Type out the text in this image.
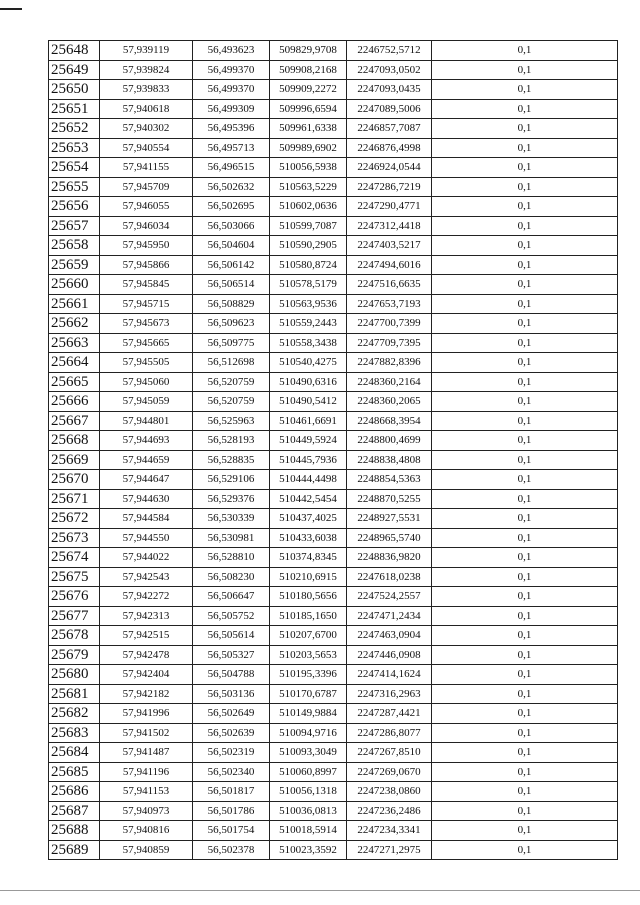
25648	57,939119	56,493623	509829,9708	2246752,5712	0,1
25649	57,939824	56,499370	509908,2168	2247093,0502	0,1
25650	57,939833	56,499370	509909,2272	2247093,0435	0,1
25651	57,940618	56,499309	509996,6594	2247089,5006	0,1
25652	57,940302	56,495396	509961,6338	2246857,7087	0,1
25653	57,940554	56,495713	509989,6902	2246876,4998	0,1
25654	57,941155	56,496515	510056,5938	2246924,0544	0,1
25655	57,945709	56,502632	510563,5229	2247286,7219	0,1
25656	57,946055	56,502695	510602,0636	2247290,4771	0,1
25657	57,946034	56,503066	510599,7087	2247312,4418	0,1
25658	57,945950	56,504604	510590,2905	2247403,5217	0,1
25659	57,945866	56,506142	510580,8724	2247494,6016	0,1
25660	57,945845	56,506514	510578,5179	2247516,6635	0,1
25661	57,945715	56,508829	510563,9536	2247653,7193	0,1
25662	57,945673	56,509623	510559,2443	2247700,7399	0,1
25663	57,945665	56,509775	510558,3438	2247709,7395	0,1
25664	57,945505	56,512698	510540,4275	2247882,8396	0,1
25665	57,945060	56,520759	510490,6316	2248360,2164	0,1
25666	57,945059	56,520759	510490,5412	2248360,2065	0,1
25667	57,944801	56,525963	510461,6691	2248668,3954	0,1
25668	57,944693	56,528193	510449,5924	2248800,4699	0,1
25669	57,944659	56,528835	510445,7936	2248838,4808	0,1
25670	57,944647	56,529106	510444,4498	2248854,5363	0,1
25671	57,944630	56,529376	510442,5454	2248870,5255	0,1
25672	57,944584	56,530339	510437,4025	2248927,5531	0,1
25673	57,944550	56,530981	510433,6038	2248965,5740	0,1
25674	57,944022	56,528810	510374,8345	2248836,9820	0,1
25675	57,942543	56,508230	510210,6915	2247618,0238	0,1
25676	57,942272	56,506647	510180,5656	2247524,2557	0,1
25677	57,942313	56,505752	510185,1650	2247471,2434	0,1
25678	57,942515	56,505614	510207,6700	2247463,0904	0,1
25679	57,942478	56,505327	510203,5653	2247446,0908	0,1
25680	57,942404	56,504788	510195,3396	2247414,1624	0,1
25681	57,942182	56,503136	510170,6787	2247316,2963	0,1
25682	57,941996	56,502649	510149,9884	2247287,4421	0,1
25683	57,941502	56,502639	510094,9716	2247286,8077	0,1
25684	57,941487	56,502319	510093,3049	2247267,8510	0,1
25685	57,941196	56,502340	510060,8997	2247269,0670	0,1
25686	57,941153	56,501817	510056,1318	2247238,0860	0,1
25687	57,940973	56,501786	510036,0813	2247236,2486	0,1
25688	57,940816	56,501754	510018,5914	2247234,3341	0,1
25689	57,940859	56,502378	510023,3592	2247271,2975	0,1
